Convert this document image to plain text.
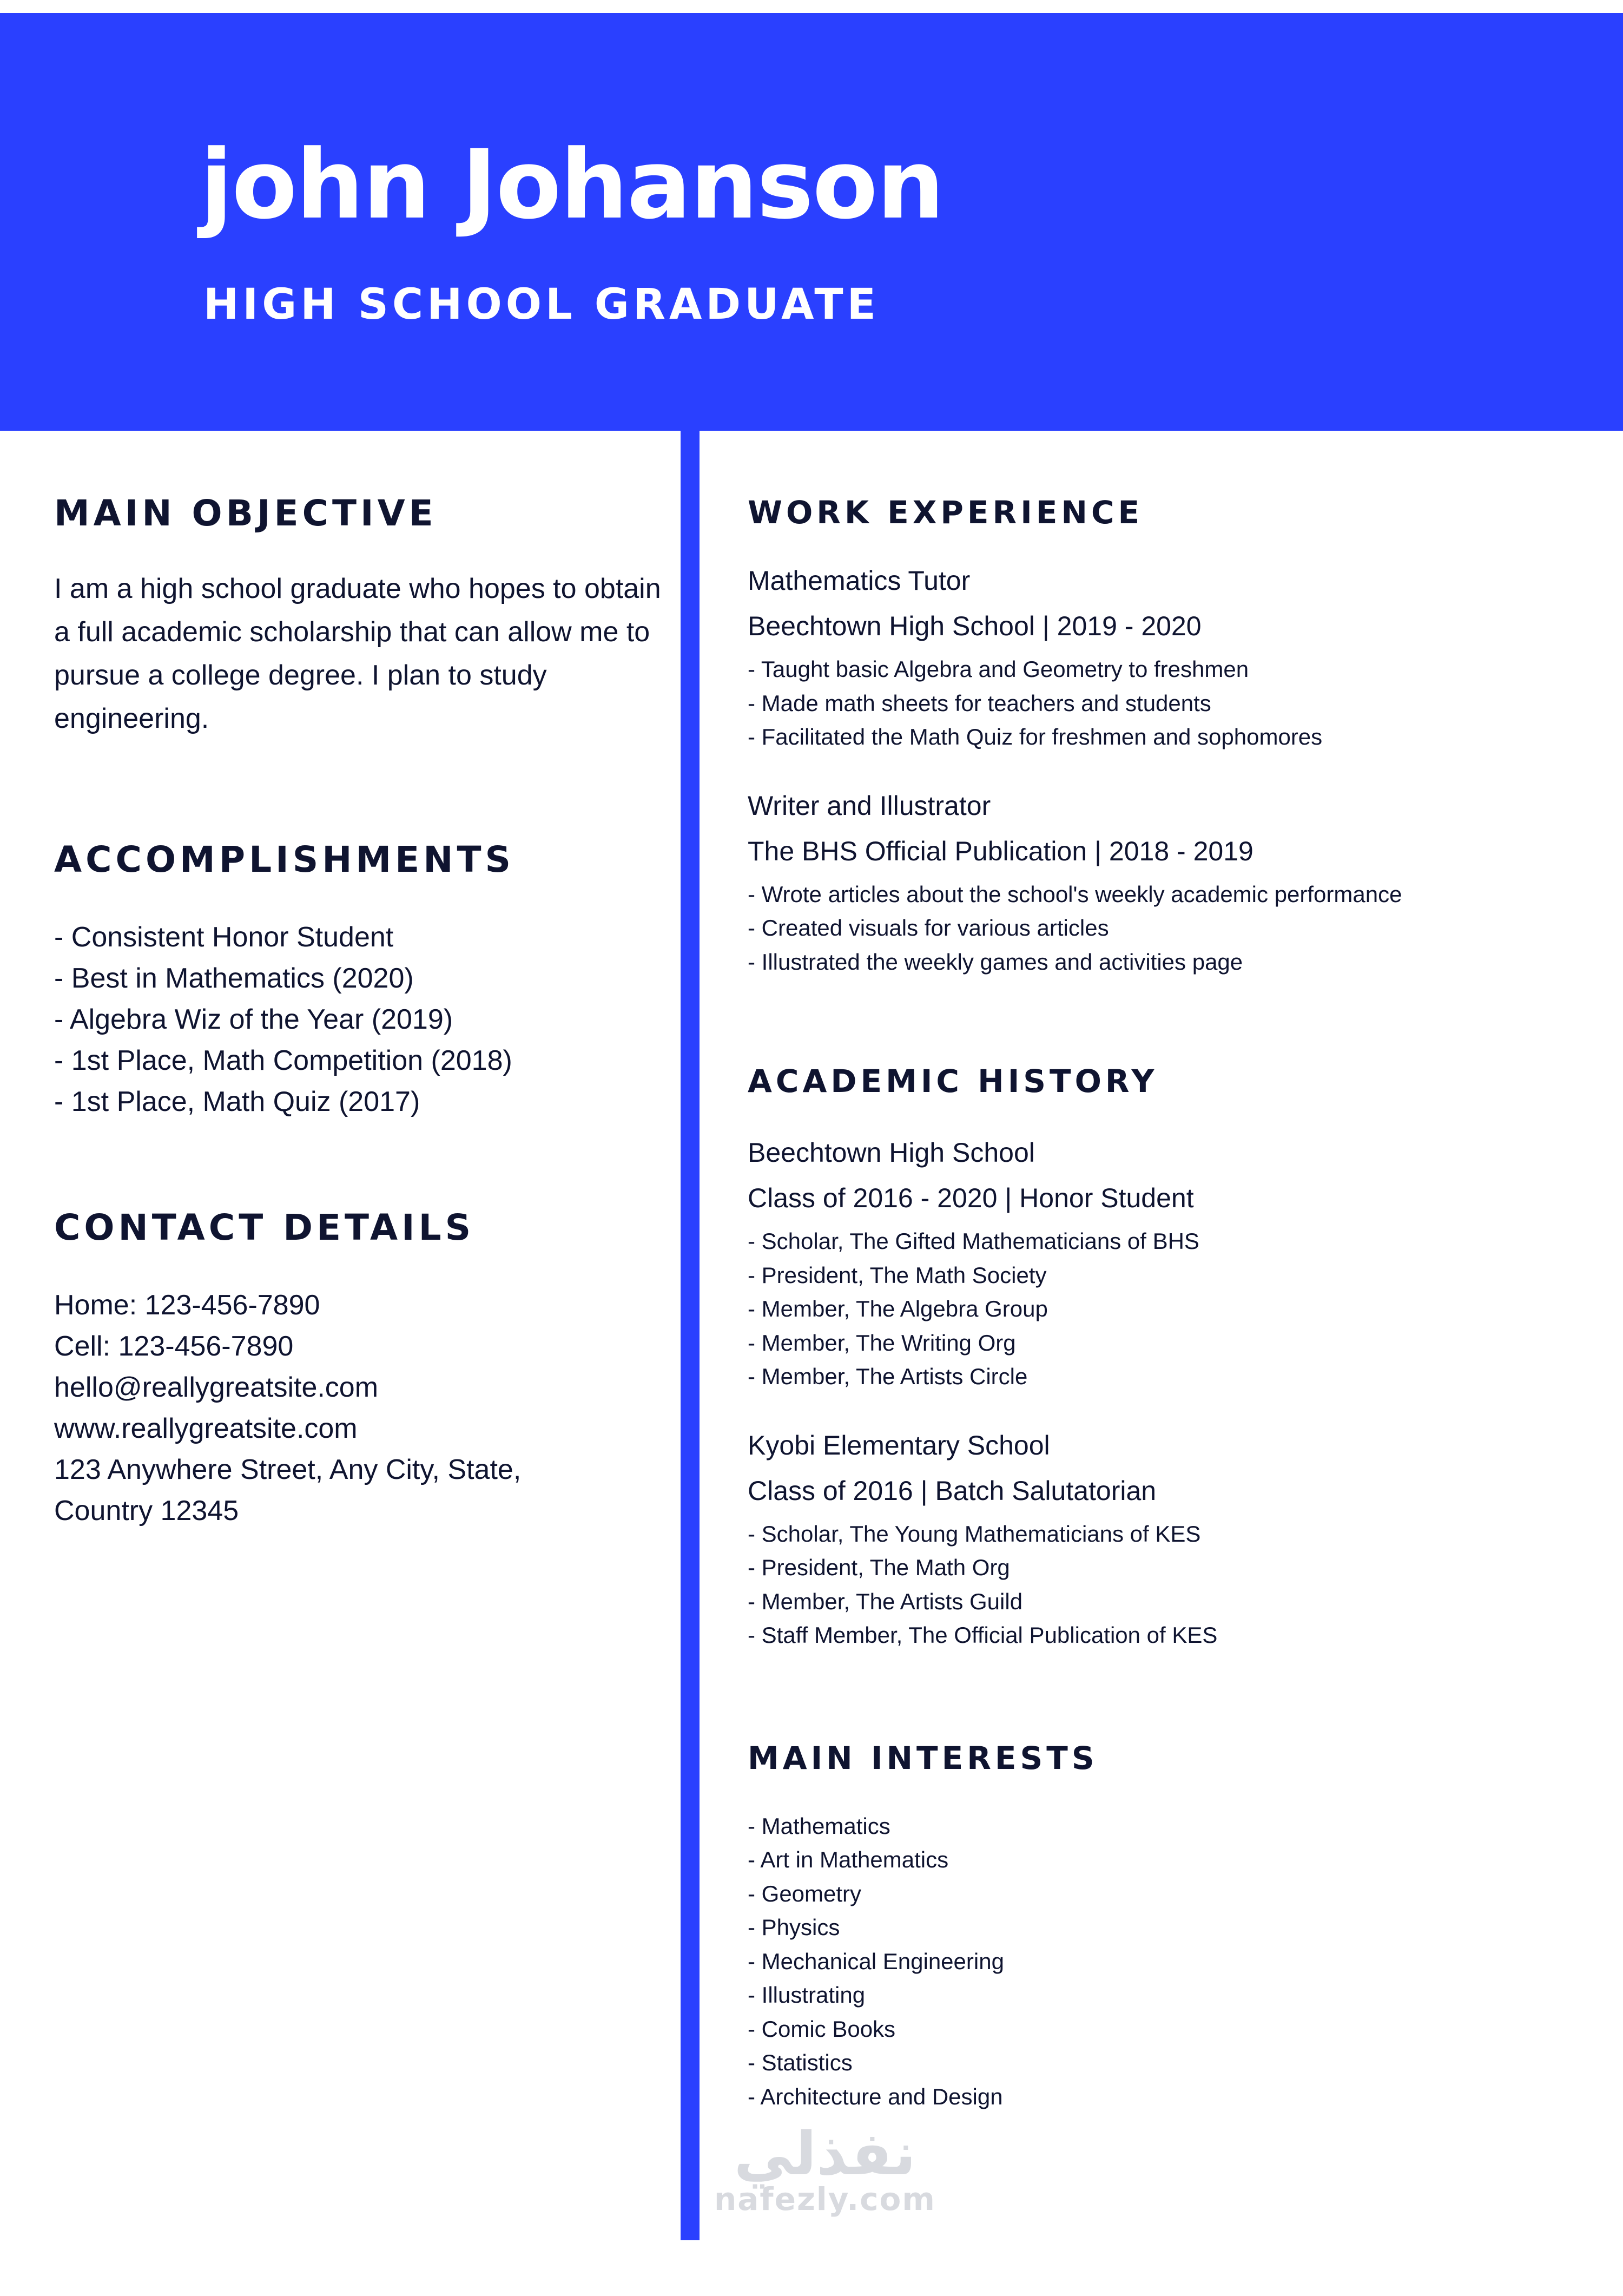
john Johanson
HIGH SCHOOL GRADUATE
MAIN OBJECTIVE

I am a high school graduate who hopes to obtain a full academic scholarship that can allow me to pursue a college degree. I plan to study engineering.

ACCOMPLISHMENTS
- Consistent Honor Student
- Best in Mathematics (2020)
- Algebra Wiz of the Year (2019)
- 1st Place, Math Competition (2018)
- 1st Place, Math Quiz (2017)
CONTACT DETAILS
Home: 123-456-7890
Cell: 123-456-7890
hello@reallygreatsite.com
www.reallygreatsite.com
123 Anywhere Street, Any City, State,
Country 12345
WORK EXPERIENCE

Mathematics Tutor

Beechtown High School | 2019 - 2020

- Taught basic Algebra and Geometry to freshmen
- Made math sheets for teachers and students
- Facilitated the Math Quiz for freshmen and sophomores

Writer and Illustrator

The BHS Official Publication | 2018 - 2019

- Wrote articles about the school's weekly academic performance
- Created visuals for various articles
- Illustrated the weekly games and activities page
ACADEMIC HISTORY

Beechtown High School

Class of 2016 - 2020 | Honor Student

- Scholar, The Gifted Mathematicians of BHS
- President, The Math Society
- Member, The Algebra Group
- Member, The Writing Org
- Member, The Artists Circle

Kyobi Elementary School

Class of 2016 | Batch Salutatorian

- Scholar, The Young Mathematicians of KES
- President, The Math Org
- Member, The Artists Guild
- Staff Member, The Official Publication of KES
MAIN INTERESTS
- Mathematics
- Art in Mathematics
- Geometry
- Physics
- Mechanical Engineering
- Illustrating
- Comic Books
- Statistics
- Architecture and Design
نفذلي
nafezly.com
